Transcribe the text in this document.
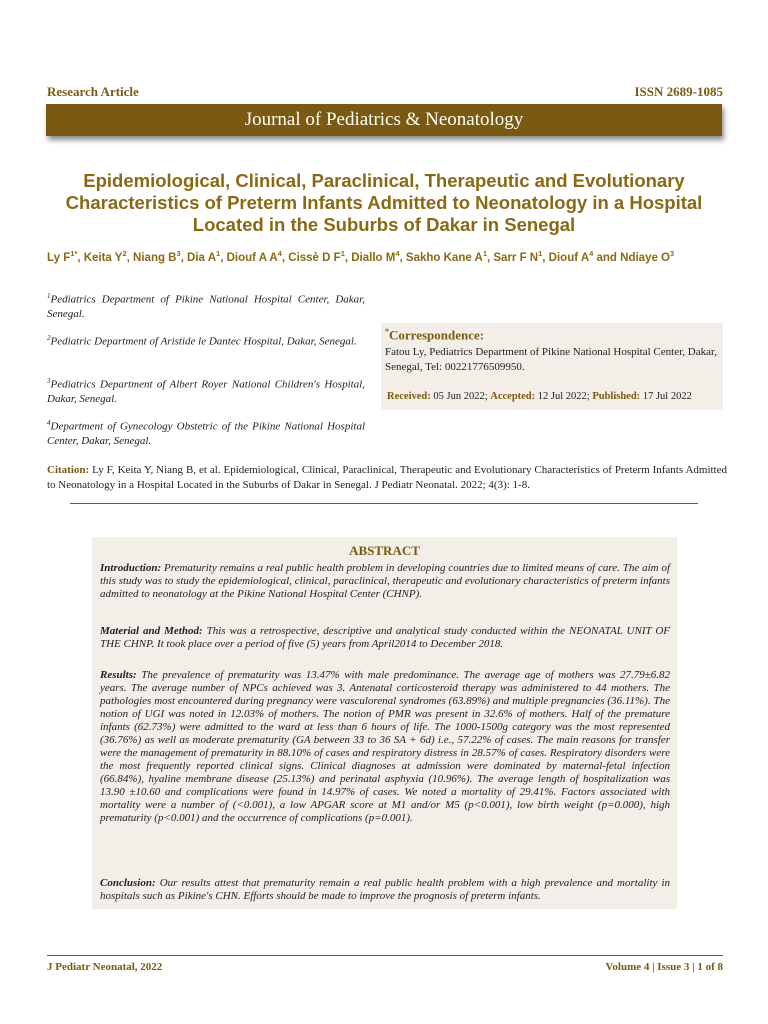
Research Article	ISSN 2689-1085
Journal of Pediatrics & Neonatology
Epidemiological, Clinical, Paraclinical, Therapeutic and Evolutionary Characteristics of Preterm Infants Admitted to Neonatology in a Hospital Located in the Suburbs of Dakar in Senegal
Ly $F^{1*}$, Keita $Y^2$, Niang $B^3$, Dia $A^1$, Diouf A $A^4$, Cissè D $F^1$, Diallo $M^4$, Sakho Kane $A^1$, Sarr F $N^1$, Diouf $A^4$ and Ndiaye $O^3$
$^1$Pediatrics Department of Pikine National Hospital Center, Dakar, Senegal.
$^2$Pediatric Department of Aristide le Dantec Hospital, Dakar, Senegal.
$^3$Pediatrics Department of Albert Royer National Children's Hospital, Dakar, Senegal.
$^4$Department of Gynecology Obstetric of the Pikine National Hospital Center, Dakar, Senegal.
*Correspondence:
Fatou Ly, Pediatrics Department of Pikine National Hospital Center, Dakar, Senegal, Tel: 00221776509950.
Received: 05 Jun 2022; Accepted: 12 Jul 2022; Published: 17 Jul 2022
Citation: Ly F, Keita Y, Niang B, et al. Epidemiological, Clinical, Paraclinical, Therapeutic and Evolutionary Characteristics of Preterm Infants Admitted to Neonatology in a Hospital Located in the Suburbs of Dakar in Senegal. J Pediatr Neonatal. 2022; 4(3): 1-8.
ABSTRACT
Introduction: Prematurity remains a real public health problem in developing countries due to limited means of care. The aim of this study was to study the epidemiological, clinical, paraclinical, therapeutic and evolutionary characteristics of preterm infants admitted to neonatology at the Pikine National Hospital Center (CHNP).
Material and Method: This was a retrospective, descriptive and analytical study conducted within the NEONATAL UNIT OF THE CHNP. It took place over a period of five (5) years from April2014 to December 2018.
Results: The prevalence of prematurity was 13.47% with male predominance. The average age of mothers was 27.79±6.82 years. The average number of NPCs achieved was 3. Antenatal corticosteroid therapy was administered to 44 mothers. The pathologies most encountered during pregnancy were vasculorenal syndromes (63.89%) and multiple pregnancies (36.11%). The notion of UGI was noted in 12.03% of mothers. The notion of PMR was present in 32.6% of mothers. Half of the premature infants (62.73%) were admitted to the ward at less than 6 hours of life. The 1000-1500g category was the most represented (36.76%) as well as moderate prematurity (GA between 33 to 36 SA + 6d) i.e., 57.22% of cases. The main reasons for transfer were the management of prematurity in 88.10% of cases and respiratory distress in 28.57% of cases. Respiratory disorders were the most frequently reported clinical signs. Clinical diagnoses at admission were dominated by maternal-fetal infection (66.84%), hyaline membrane disease (25.13%) and perinatal asphyxia (10.96%). The average length of hospitalization was 13.90 ±10.60 and complications were found in 14.97% of cases. We noted a mortality of 29.41%. Factors associated with mortality were a number of (<0.001), a low APGAR score at M1 and/or M5 (p<0.001), low birth weight (p=0.000), high prematurity (p<0.001) and the occurrence of complications (p=0.001).
Conclusion: Our results attest that prematurity remain a real public health problem with a high prevalence and mortality in hospitals such as Pikine's CHN. Efforts should be made to improve the prognosis of preterm infants.
J Pediatr Neonatal, 2022	Volume 4 | Issue 3 | 1 of 8
